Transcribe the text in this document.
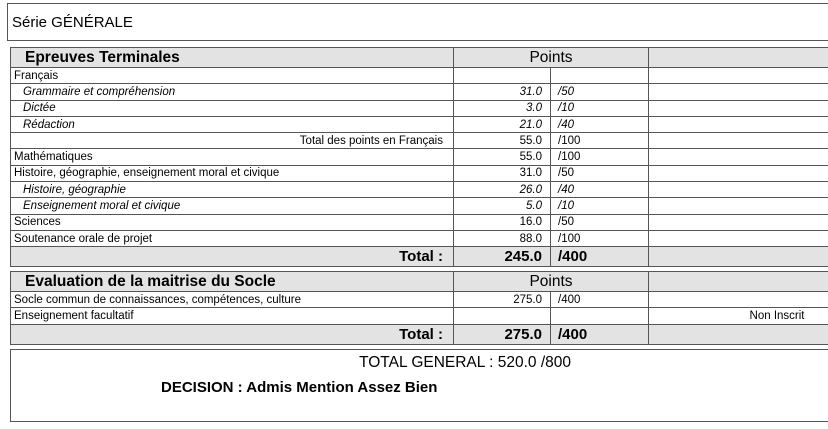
Série GÉNÉRALE
Epreuves Terminales	Points		
Français			
Grammaire et compréhension	31.0	/50	
Dictée	3.0	/10	
Rédaction	21.0	/40	
Total des points en Français	55.0	/100	
Mathématiques	55.0	/100	
Histoire, géographie, enseignement moral et civique	31.0	/50	
Histoire, géographie	26.0	/40	
Enseignement moral et civique	5.0	/10	
Sciences	16.0	/50	
Soutenance orale de projet	88.0	/100	
Total :	245.0	/400	
Evaluation de la maitrise du Socle	Points		
Socle commun de connaissances, compétences, culture	275.0	/400	
Enseignement facultatif			Non Inscrit
Total :	275.0	/400	
TOTAL GENERAL : 520.0 /800
DECISION : Admis Mention Assez Bien
